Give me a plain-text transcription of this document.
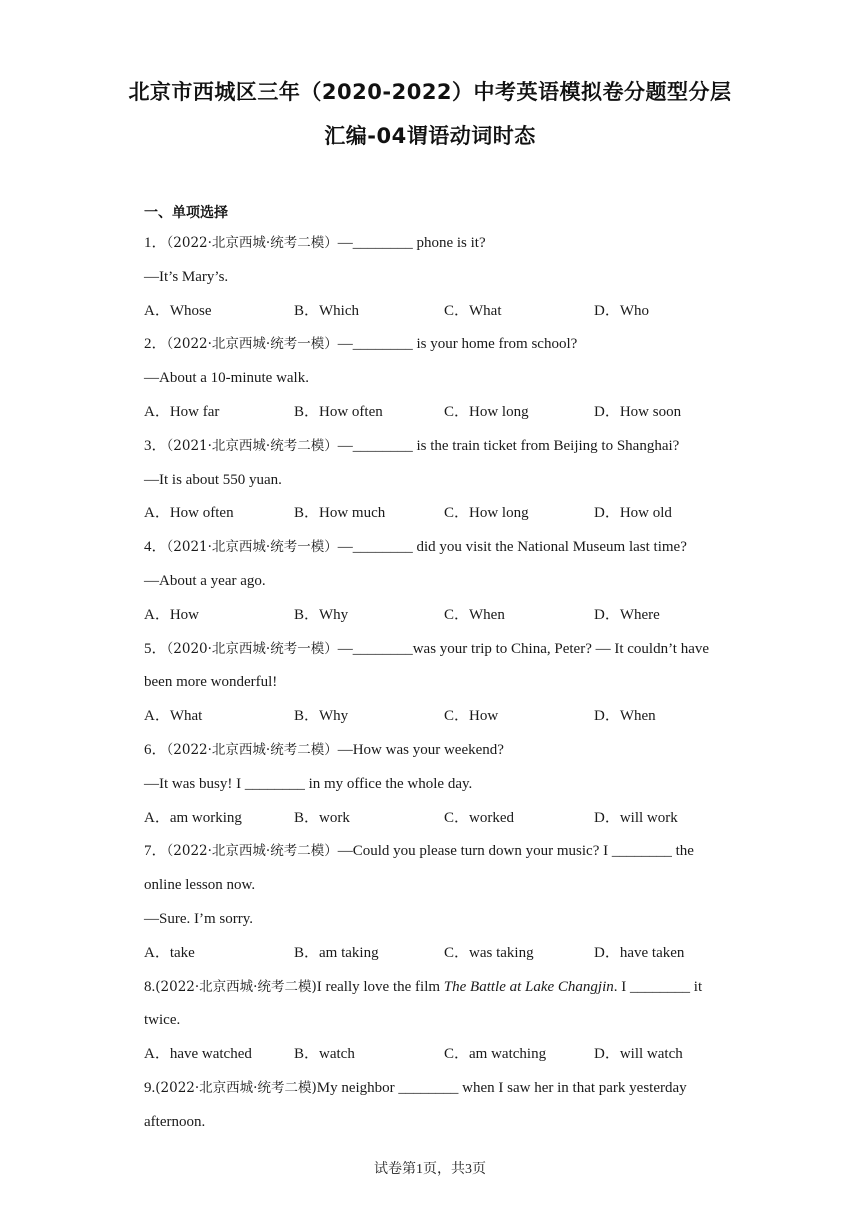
北京市西城区三年（2020-2022）中考英语模拟卷分题型分层
汇编-04谓语动词时态
一、单项选择
1．（2022·北京西城·统考二模）—________ phone is it?
—It’s Mary’s.
A．Whose	B．Which	C．What	D．Who
2．（2022·北京西城·统考一模）—________ is your home from school?
—About a 10-minute walk.
A．How far	B．How often	C．How long	D．How soon
3．（2021·北京西城·统考二模）—________ is the train ticket from Beijing to Shanghai?
—It is about 550 yuan.
A．How often	B．How much	C．How long	D．How old
4．（2021·北京西城·统考一模）—________ did you visit the National Museum last time?
—About a year ago.
A．How	B．Why	C．When	D．Where
5．（2020·北京西城·统考一模）—________was your trip to China, Peter? — It couldn’t have been more wonderful!
A．What	B．Why	C．How	D．When
6．（2022·北京西城·统考二模）—How was your weekend?
—It was busy! I ________ in my office the whole day.
A．am working	B．work	C．worked	D．will work
7．（2022·北京西城·统考二模）—Could you please turn down your music? I ________ the online lesson now.
—Sure. I’m sorry.
A．take	B．am taking	C．was taking	D．have taken
8.(2022·北京西城·统考二模)I really love the film The Battle at Lake Changjin. I ________ it twice.
A．have watched	B．watch	C．am watching	D．will watch
9.(2022·北京西城·统考二模)My neighbor ________ when I saw her in that park yesterday afternoon.
试卷第1页，共3页
